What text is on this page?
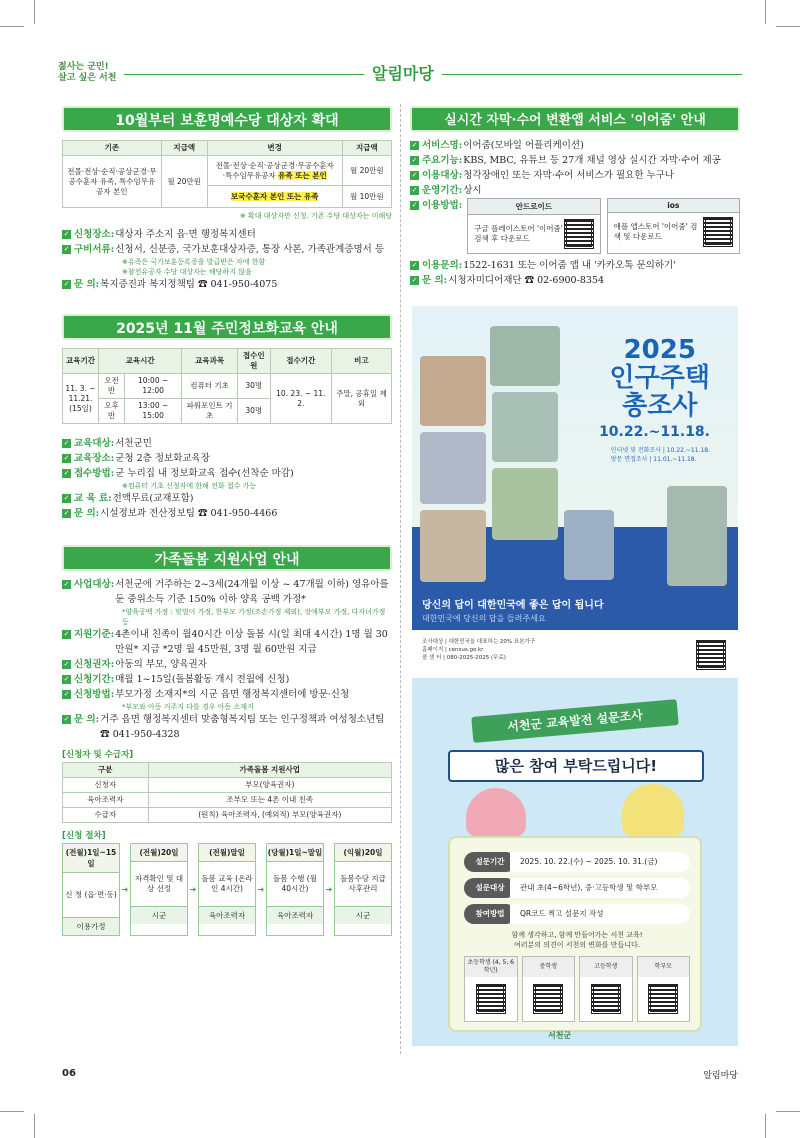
젊사는 군민!
살고 싶은 서천	알림마당
10월부터 보훈명예수당 대상자 확대
기존	지급액	변경	지급액
전몰·전상·순직·공상군경·무공수훈자 유족, 특수임무유공자 본인	월 20만원	전몰·전상·순직·공상군경·무공수훈자
·특수임무유공자 유족 또는 본인	월 20만원
		보국수훈자 본인 또는 유족	월 10만원
※ 확대 대상자만 신청. 기존 수당 대상자는 미해당
✓ 신청장소: 대상자 주소지 읍·면 행정복지센터
✓ 구비서류: 신청서, 신분증, 국가보훈대상자증, 통장 사본, 가족관계증명서 등
※유족은 국가보훈등록증을 발급받은 자에 한함
※참전유공자 수당 대상자는 해당하지 않음
✓ 문 의: 복지증진과 복지정책팀 ☎ 041-950-4075
2025년 11월 주민정보화교육 안내
교육기간	교육시간		교육과목	접수인원	접수기간	비고
11. 3. ~ 11.21. (15일)	오전반	10:00 ~ 12:00	컴퓨터 기초	30명	10. 23. ~ 11. 2.	주말, 공휴일 제외
	오후반	13:00 ~ 15:00	파워포인트 기초	30명		
✓ 교육대상: 서천군민
✓ 교육장소: 군청 2층 정보화교육장
✓ 접수방법: 군 누리집 내 정보화교육 접수(선착순 마감)
※컴퓨터 기초 신청자에 한해 전화 접수 가능
✓ 교 육 료: 전액무료(교재포함)
✓ 문 의: 시설정보과 전산정보팀 ☎ 041-950-4466
가족돌봄 지원사업 안내
✓ 사업대상: 서천군에 거주하는 2~3세(24개월 이상 ~ 47개월 이하) 영유아를 둔 중위소득 기준 150% 이하 양육 공백 가정*
*양육공백 가정 : 맞벌이 가정, 한부모 가정(조손가정 제외), 장애부모 가정, 다자녀가정 등
✓ 지원기준: 4촌이내 친족이 월40시간 이상 돌봄 시(일 최대 4시간) 1명 월 30만원* 지급 *2명 월 45만원, 3명 월 60만원 지급
✓ 신청권자: 아동의 부모, 양육권자
✓ 신청기간: 매월 1~15일(돌봄활동 개시 전월에 신청)
✓ 신청방법: 부모가정 소재지*의 시군 읍면 행정복지센터에 방문·신청
*부모와 아동 거주지 다를 경우 아동 소재지
✓ 문 의: 거주 읍면 행정복지센터 맞춤형복지팀 또는 인구정책과 여성청소년팀 ☎ 041-950-4328
[신청자 및 수급자]
구분	가족돌봄 지원사업
신청자	부모(양육권자)
육아조력자	조부모 또는 4촌 이내 친족
수급자	(원칙) 육아조력자, (예외적) 부모(양육권자)
[신청 절차]
(전월)1일~15일
신 청 (읍·면·동)
이용가정
➜
(전월)20일
자격확인 및 대상 선정
시군
➜
(전월)말일
돌봄 교육 (온라인 4시간)
육아조력자
➜
(당월)1일~말일
돌봄 수행 (월 40시간)
육아조력자
➜
(익월)20일
돌봄수당 지급 사후관리
시군
실시간 자막·수어 변환앱 서비스 '이어줌' 안내
✓ 서비스명: 이어줌(모바일 어플리케이션)
✓ 주요기능: KBS, MBC, 유튜브 등 27개 채널 영상 실시간 자막·수어 제공
✓ 이용대상: 청각장애인 또는 자막·수어 서비스가 필요한 누구나
✓ 운영기간: 상시
✓ 이용방법:	안드로이드
구글 플레이스토어 '이어줌' 검색 후 다운로드
ios
애플 앱스토어 '이어줌' 검색 및 다운로드
✓ 이용문의: 1522-1631 또는 이어줌 앱 내 '카카오톡 문의하기'
✓ 문 의: 시청자미디어재단 ☎ 02-6900-8354
2025
인구주택
총조사
10.22.~11.18.
인터넷 및 전화조사 | 10.22.~11.18.
방문 면접조사 | 11.01.~11.18.
당신의 답이 대한민국에 좋은 답이 됩니다
대한민국에 당신의 답을 들려주세요
조사대상 | 대한민국을 대표하는 20% 표본가구
홈페이지 | census.go.kr
콜 센 터 | 080-2025-2025 (무료)
서천군 교육발전 설문조사
많은 참여 부탁드립니다!
설문기간	2025. 10. 22.(수) ~ 2025. 10. 31.(금)
설문대상	관내 초(4~6학년), 중·고등학생 및 학부모
참여방법	QR코드 찍고 설문지 작성
함께 생각하고, 함께 만들어가는 서천 교육!
여러분의 의견이 서천의 변화를 만듭니다.
초등학생 (4, 5, 6학년)
중학생	고등학생	학부모
서천군
06	알림마당
